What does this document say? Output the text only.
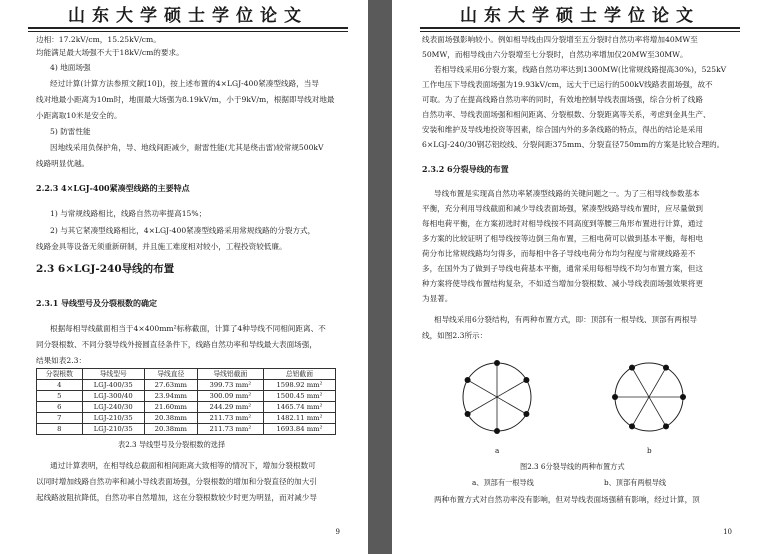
山东大学硕士学位论文
边相：17.2kV/cm，15.25kV/cm。
均能满足最大场强不大于18kV/cm的要求。
4) 地面场强
经过计算(计算方法参照文献[10])，按上述布置的4×LGJ-400紧凑型线路，当导
线对地最小距离为10m时，地面最大场强为8.19kV/m，小于9kV/m，根据即导线对地最
小距离取10米是安全的。
5) 防雷性能
因地线采用负保护角，导、地线间距减少，耐雷性能(尤其是绕击雷)较常规500kV
线路明显优越。
2.2.3 4×LGJ-400紧凑型线路的主要特点
1) 与常规线路相比，线路自然功率提高15%；
2) 与其它紧凑型线路相比，4×LGJ-400紧凑型线路采用常规线路的分裂方式，
线路金具等设备无须重新研制，并且施工难度相对较小，工程投资较低廉。
2.3 6×LGJ-240导线的布置
2.3.1 导线型号及分裂根数的确定
根据每相导线截面相当于4×400mm²标称截面，计算了4种导线不同相间距离、不
同分裂根数、不同分裂导线外接圆直径条件下，线路自然功率和导线最大表面场强，
结果如表2.3：
分裂根数	导线型号	导线直径	导线铝截面	总铝截面
4	LGJ-400/35	27.63mm	399.73 mm²	1598.92 mm²
5	LGJ-300/40	23.94mm	300.09 mm²	1500.45 mm²
6	LGJ-240/30	21.60mm	244.29 mm²	1465.74 mm²
7	LGJ-210/35	20.38mm	211.73 mm²	1482.11 mm²
8	LGJ-210/35	20.38mm	211.73 mm²	1693.84 mm²
表2.3 导线型号及分裂根数的选择
通过计算表明，在相导线总截面和相间距离大致相等的情况下，增加分裂根数可
以同时增加线路自然功率和减小导线表面场强，分裂根数的增加和分裂直径的加大引
起线路波阻抗降低，自然功率自然增加，这在分裂根数较少时更为明显，而对减少导
9
山东大学硕士学位论文
线表面场强影响较小。例如相导线由四分裂增至五分裂时自然功率将增加40MW至
50MW，而相导线由六分裂增至七分裂时，自然功率增加仅20MW至30MW。
若相导线采用6分裂方案，线路自然功率达到1300MW(比常规线路提高30%)，525kV
工作电压下导线表面场强为19.93kV/cm，远大于已运行的500kV线路表面场强，故不
可取。为了在提高线路自然功率的同时，有效地控制导线表面场强，综合分析了线路
自然功率、导线表面场强和相间距离、分裂根数、分裂距离等关系，考虑到金具生产、
安装和维护及导线地投资等因素，综合国内外的多条线路的特点，得出的结论是采用
6×LGJ-240/30钢芯铝绞线、分裂间距375mm、分裂直径750mm的方案是比较合理的。
2.3.2 6分裂导线的布置
导线布置是实现高自然功率紧凑型线路的关键问题之一。为了三相导线参数基本
平衡，充分利用导线截面和减少导线表面场强，紧凑型线路导线布置时，应尽量做到
每相电荷平衡，在方案初选时对相导线按不同高度到等腰三角形布置进行计算，通过
多方案的比较证明了相导线按等边倒三角布置，三相电荷可以做到基本平衡，每相电
荷分布比常规线路均匀得多，而每相中各子导线电荷分布均匀程度与常规线路差不
多，在国外为了做到子导线电荷基本平衡，通常采用每相导线不均匀布置方案，但这
种方案将使导线布置结构复杂，不如适当增加分裂根数、减小导线表面场强效果将更
为显著。
相导线采用6分裂结构，有两种布置方式，即：顶部有一根导线、顶部有两根导
线，如图2.3所示：
a	b
图2.3 6分裂导线的两种布置方式
a、顶部有一根导线	b、顶部有两根导线
两种布置方式对自然功率没有影响，但对导线表面场强稍有影响，经过计算，顶
10
